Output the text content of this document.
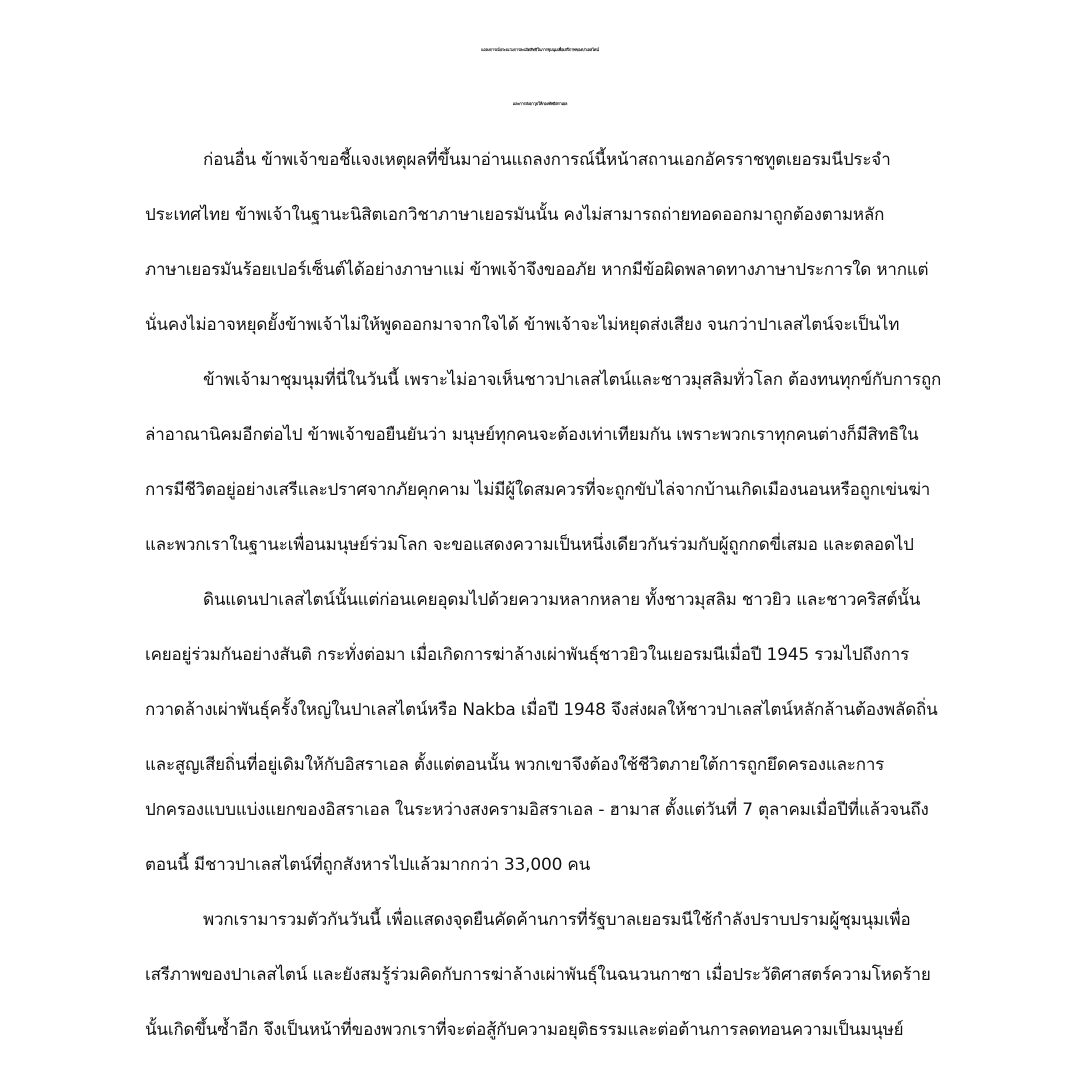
แถลงการณ์ประณามการละเมิดสิทธิในการชุมนุมเพื่อเสรีภาพของปาเลสไตน์
และการส่งอาวุธให้กองทัพอิสราเอล
ก่อนอื่น ข้าพเจ้าขอชี้แจงเหตุผลที่ขึ้นมาอ่านแถลงการณ์นี้หน้าสถานเอกอัครราชทูตเยอรมนีประจำ
ประเทศไทย ข้าพเจ้าในฐานะนิสิตเอกวิชาภาษาเยอรมันนั้น คงไม่สามารถถ่ายทอดออกมาถูกต้องตามหลัก
ภาษาเยอรมันร้อยเปอร์เซ็นต์ได้อย่างภาษาแม่ ข้าพเจ้าจึงขออภัย หากมีข้อผิดพลาดทางภาษาประการใด หากแต่
นั่นคงไม่อาจหยุดยั้งข้าพเจ้าไม่ให้พูดออกมาจากใจได้ ข้าพเจ้าจะไม่หยุดส่งเสียง จนกว่าปาเลสไตน์จะเป็นไท
ข้าพเจ้ามาชุมนุมที่นี่ในวันนี้ เพราะไม่อาจเห็นชาวปาเลสไตน์และชาวมุสลิมทั่วโลก ต้องทนทุกข์กับการถูก
ล่าอาณานิคมอีกต่อไป ข้าพเจ้าขอยืนยันว่า มนุษย์ทุกคนจะต้องเท่าเทียมกัน เพราะพวกเราทุกคนต่างก็มีสิทธิใน
การมีชีวิตอยู่อย่างเสรีและปราศจากภัยคุกคาม ไม่มีผู้ใดสมควรที่จะถูกขับไล่จากบ้านเกิดเมืองนอนหรือถูกเข่นฆ่า
และพวกเราในฐานะเพื่อนมนุษย์ร่วมโลก จะขอแสดงความเป็นหนึ่งเดียวกันร่วมกับผู้ถูกกดขี่เสมอ และตลอดไป
ดินแดนปาเลสไตน์นั้นแต่ก่อนเคยอุดมไปด้วยความหลากหลาย ทั้งชาวมุสลิม ชาวยิว และชาวคริสต์นั้น
เคยอยู่ร่วมกันอย่างสันติ กระทั่งต่อมา เมื่อเกิดการฆ่าล้างเผ่าพันธุ์ชาวยิวในเยอรมนีเมื่อปี 1945 รวมไปถึงการ
กวาดล้างเผ่าพันธุ์ครั้งใหญ่ในปาเลสไตน์หรือ Nakba เมื่อปี 1948 จึงส่งผลให้ชาวปาเลสไตน์หลักล้านต้องพลัดถิ่น
และสูญเสียถิ่นที่อยู่เดิมให้กับอิสราเอล ตั้งแต่ตอนนั้น พวกเขาจึงต้องใช้ชีวิตภายใต้การถูกยึดครองและการ
ปกครองแบบแบ่งแยกของอิสราเอล ในระหว่างสงครามอิสราเอล - ฮามาส ตั้งแต่วันที่ 7 ตุลาคมเมื่อปีที่แล้วจนถึง
ตอนนี้ มีชาวปาเลสไตน์ที่ถูกสังหารไปแล้วมากกว่า 33,000 คน
พวกเรามารวมตัวกันวันนี้ เพื่อแสดงจุดยืนคัดค้านการที่รัฐบาลเยอรมนีใช้กำลังปราบปรามผู้ชุมนุมเพื่อ
เสรีภาพของปาเลสไตน์ และยังสมรู้ร่วมคิดกับการฆ่าล้างเผ่าพันธุ์ในฉนวนกาซา เมื่อประวัติศาสตร์ความโหดร้าย
นั้นเกิดขึ้นซ้ำอีก จึงเป็นหน้าที่ของพวกเราที่จะต่อสู้กับความอยุติธรรมและต่อต้านการลดทอนความเป็นมนุษย์
